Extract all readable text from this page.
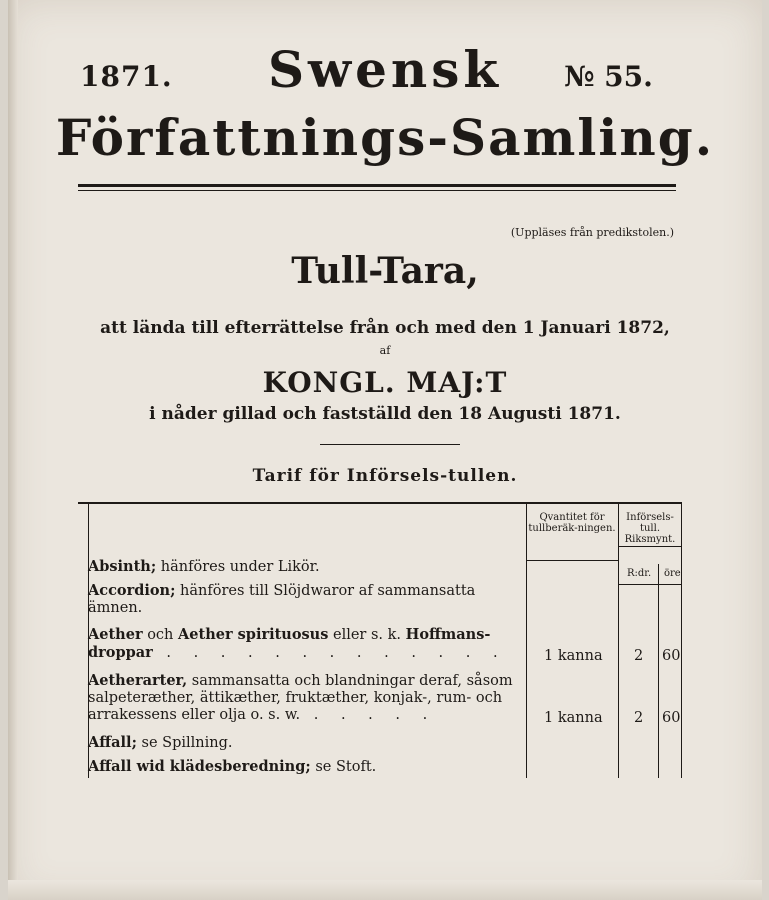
1871.	Swensk	№ 55.
Författnings-Samling.
(Uppläses från predikstolen.)
Tull-Tara,
att lända till efterrättelse från och med den 1 Januari 1872,
af
KONGL. MAJ:T
i nåder gillad och fastställd den 18 Augusti 1871.
Tarif för Införsels-tullen.
Qvantitet för tullberäk-ningen.
Införsels-tull. Riksmynt.
R:dr. öre
Absinth; hänföres under Likör.
Accordion; hänföres till Slöjdwaror af sammansatta ämnen.
Aether och Aether spirituosus eller s. k. Hoffmans-droppar . . . . . . . . . . . . .	1 kanna 2 60
Aetherarter, sammansatta och blandningar deraf, såsom salpeteræther, ättikæther, fruktæther, konjak-, rum- och arrakessens eller olja o. s. w. . . . . .	1 kanna 2 60
Affall; se Spillning.
Affall wid klädesberedning; se Stoft.
